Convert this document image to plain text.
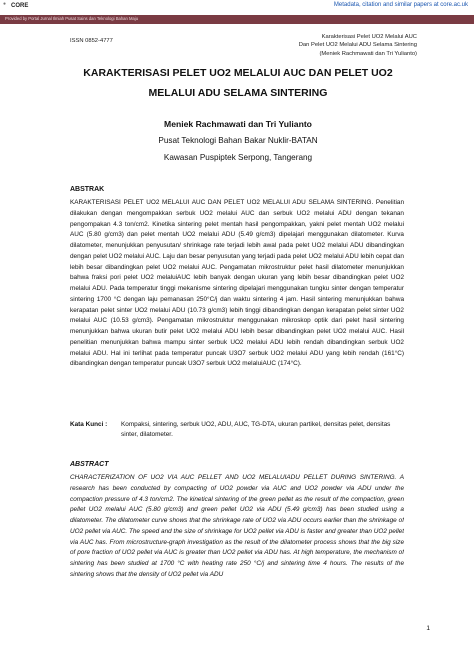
● CORE	Metadata, citation and similar papers at core.ac.uk
Provided by Portal Jurnal Ilmiah Pusat Sains dan Teknologi Bahan Maju
ISSN 0852-4777
Karakterisasi Pelet UO2 Melalui AUC
Dan Pelet UO2 Melalui ADU Selama Sintering
(Meniek Rachmawati dan Tri Yulianto)
KARAKTERISASI PELET UO2 MELALUI AUC DAN PELET UO2
MELALUI ADU SELAMA SINTERING
Meniek Rachmawati dan Tri Yulianto
Pusat Teknologi Bahan Bakar Nuklir-BATAN
Kawasan Puspiptek Serpong, Tangerang
ABSTRAK
KARAKTERISASI PELET UO2 MELALUI AUC DAN PELET UO2 MELALUI ADU SELAMA SINTERING. Penelitian dilakukan dengan mengompakkan serbuk UO2 melalui AUC dan serbuk UO2 melalui ADU dengan tekanan pengompakan 4.3 ton/cm2. Kinetika sintering pelet mentah hasil pengompakkan, yakni pelet mentah UO2 melalui AUC (5.80 g/cm3) dan pelet mentah UO2 melalui ADU (5.49 g/cm3) dipelajari menggunakan dilatometer. Kurva dilatometer, menunjukkan penyusutan/ shrinkage rate terjadi lebih awal pada pelet UO2 melalui ADU dibandingkan dengan pelet UO2 melalui AUC. Laju dan besar penyusutan yang terjadi pada pelet UO2 melalui ADU lebih cepat dan lebih besar dibandingkan pelet UO2 melalui AUC. Pengamatan mikrostruktur pelet hasil dilatometer menunjukkan bahwa fraksi pori pelet UO2 melaluiAUC lebih banyak dengan ukuran yang lebih besar dibandingkan pelet UO2 melalui ADU. Pada temperatur tinggi mekanisme sintering dipelajari menggunakan tungku sinter dengan temperatur sintering 1700 °C dengan laju pemanasan 250°C/j dan waktu sintering 4 jam. Hasil sintering menunjukkan bahwa kerapatan pelet sinter UO2 melalui ADU (10.73 g/cm3) lebih tinggi dibandingkan dengan kerapatan pelet sinter UO2 melalui AUC (10.53 g/cm3). Pengamatan mikrostruktur menggunakan mikroskop optik dari pelet hasil sintering menunjukkan bahwa ukuran butir pelet UO2 melalui ADU lebih besar dibandingkan pelet UO2 melalui AUC. Hasil penelitian menunjukkan bahwa mampu sinter serbuk UO2 melalui ADU lebih rendah dibandingkan serbuk UO2 melalui ADU. Hal ini terlihat pada temperatur puncak U3O7 serbuk UO2 melalui ADU yang lebih rendah (161°C) dibandingkan dengan temperatur puncak U3O7 serbuk UO2 melaluiAUC (174°C).
Kata Kunci : Kompaksi, sintering, serbuk UO2, ADU, AUC, TG-DTA, ukuran partikel, densitas pelet, densitas sinter, dilatometer.
ABSTRACT
CHARACTERIZATION OF UO2 VIA AUC PELLET AND UO2 MELALUIADU PELLET DURING SINTERING. A research has been conducted by compacting of UO2 powder via AUC and UO2 powder via ADU under the compaction pressure of 4.3 ton/cm2. The kinetical sintering of the green pellet as the result of the compaction, green pellet UO2 melalui AUC (5.80 g/cm3) and green pellet UO2 via ADU (5.49 g/cm3) has been studied using a dilatometer. The dilatometer curve shows that the shrinkage rate of UO2 via ADU occurs earlier than the shrinkage of UO2 pellet via AUC. The speed and the size of shrinkage for UO2 pellet via ADU is faster and greater than UO2 pellet via AUC has. From microstructure-graph investigation as the result of the dilatometer process shows that the big size of pore fraction of UO2 pellet via AUC is greater than UO2 pellet via ADU has. At high temperature, the mechanism of sintering has been studied at 1700 °C with heating rate 250 °C/j and sintering time 4 hours. The results of the sintering shows that the density of UO2 pellet via ADU
1
